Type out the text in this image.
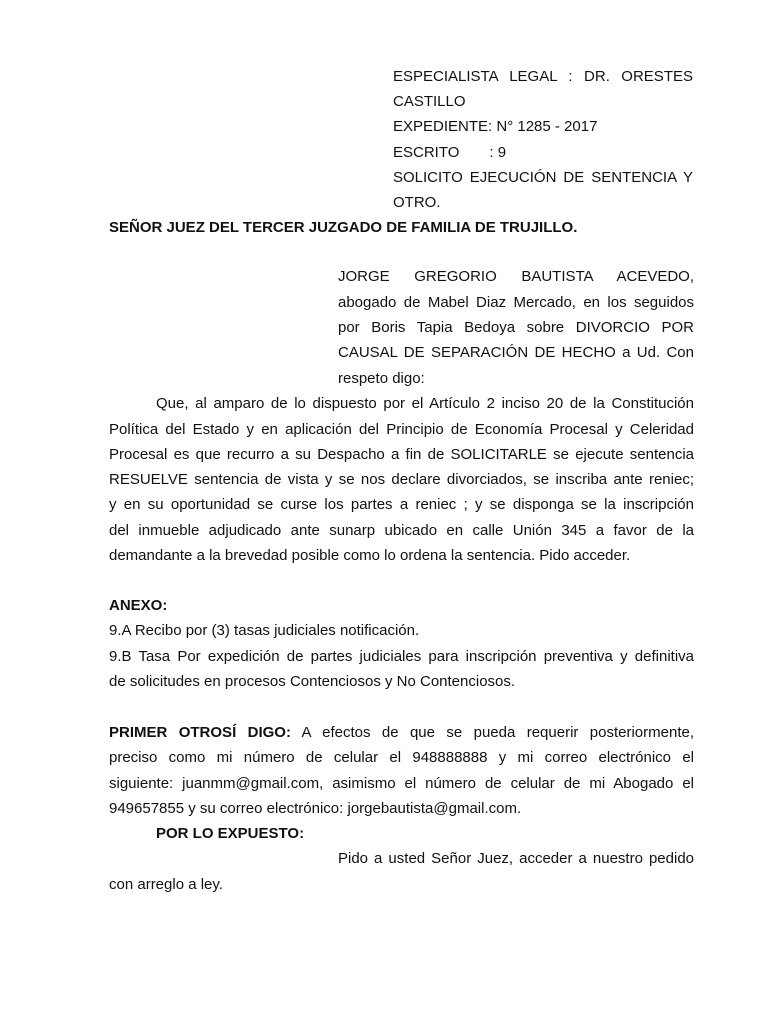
ESPECIALISTA LEGAL : DR. ORESTES
CASTILLO
EXPEDIENTE: N° 1285 - 2017
ESCRITO : 9
SOLICITO EJECUCIÓN DE SENTENCIA Y
OTRO.
SEÑOR JUEZ DEL TERCER JUZGADO DE FAMILIA DE TRUJILLO.
JORGE GREGORIO BAUTISTA ACEVEDO,
abogado de Mabel Diaz Mercado, en los seguidos
por Boris Tapia Bedoya sobre DIVORCIO POR
CAUSAL DE SEPARACIÓN DE HECHO a Ud. Con
respeto digo:
Que, al amparo de lo dispuesto por el Artículo 2 inciso 20 de la Constitución
Política del Estado y en aplicación del Principio de Economía Procesal y Celeridad
Procesal es que recurro a su Despacho a fin de SOLICITARLE se ejecute sentencia
RESUELVE sentencia de vista y se nos declare divorciados, se inscriba ante reniec;
y en su oportunidad se curse los partes a reniec ; y se disponga se la inscripción
del inmueble adjudicado ante sunarp ubicado en calle Unión 345 a favor de la
demandante a la brevedad posible como lo ordena la sentencia. Pido acceder.
ANEXO:
9.A Recibo por (3) tasas judiciales notificación.
9.B Tasa Por expedición de partes judiciales para inscripción preventiva y definitiva
de solicitudes en procesos Contenciosos y No Contenciosos.
PRIMER OTROSÍ DIGO: A efectos de que se pueda requerir posteriormente,
preciso como mi número de celular el 948888888 y mi correo electrónico el
siguiente: juanmm@gmail.com, asimismo el número de celular de mi Abogado el
949657855 y su correo electrónico: jorgebautista@gmail.com.
POR LO EXPUESTO:
Pido a usted Señor Juez, acceder a nuestro pedido
con arreglo a ley.
